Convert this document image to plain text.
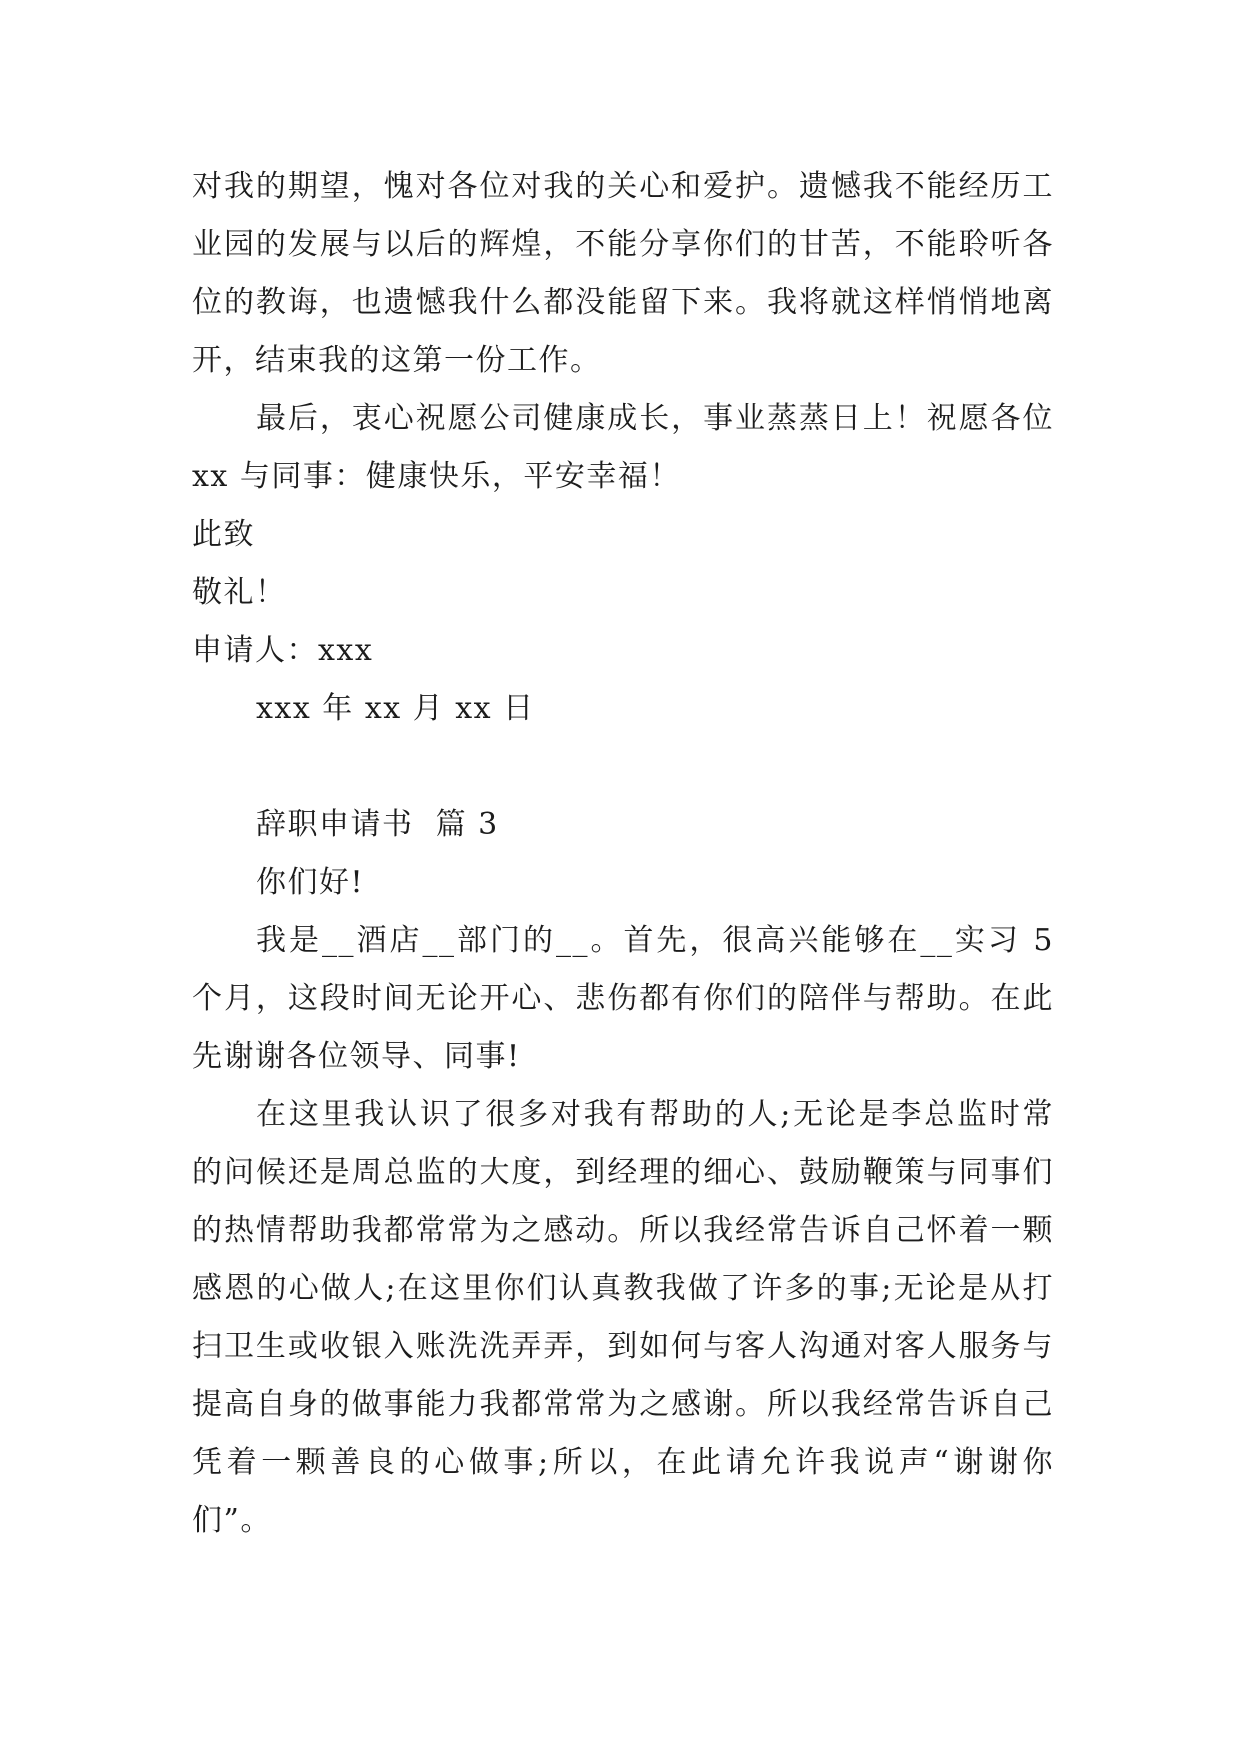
对我的期望，愧对各位对我的关心和爱护。遗憾我不能经历工业园的发展与以后的辉煌，不能分享你们的甘苦，不能聆听各位的教诲，也遗憾我什么都没能留下来。我将就这样悄悄地离开，结束我的这第一份工作。

最后，衷心祝愿公司健康成长，事业蒸蒸日上！祝愿各位 xx 与同事：健康快乐，平安幸福！

此致

敬礼！

申请人：xxx

xxx 年 xx 月 xx 日

辞职申请书  篇 3

你们好!

我是__酒店__部门的__。首先，很高兴能够在__实习 5 个月，这段时间无论开心、悲伤都有你们的陪伴与帮助。在此先谢谢各位领导、同事!

在这里我认识了很多对我有帮助的人;无论是李总监时常的问候还是周总监的大度，到经理的细心、鼓励鞭策与同事们的热情帮助我都常常为之感动。所以我经常告诉自己怀着一颗感恩的心做人;在这里你们认真教我做了许多的事;无论是从打扫卫生或收银入账洗洗弄弄，到如何与客人沟通对客人服务与提高自身的做事能力我都常常为之感谢。所以我经常告诉自己凭着一颗善良的心做事;所以，在此请允许我说声“谢谢你们”。
